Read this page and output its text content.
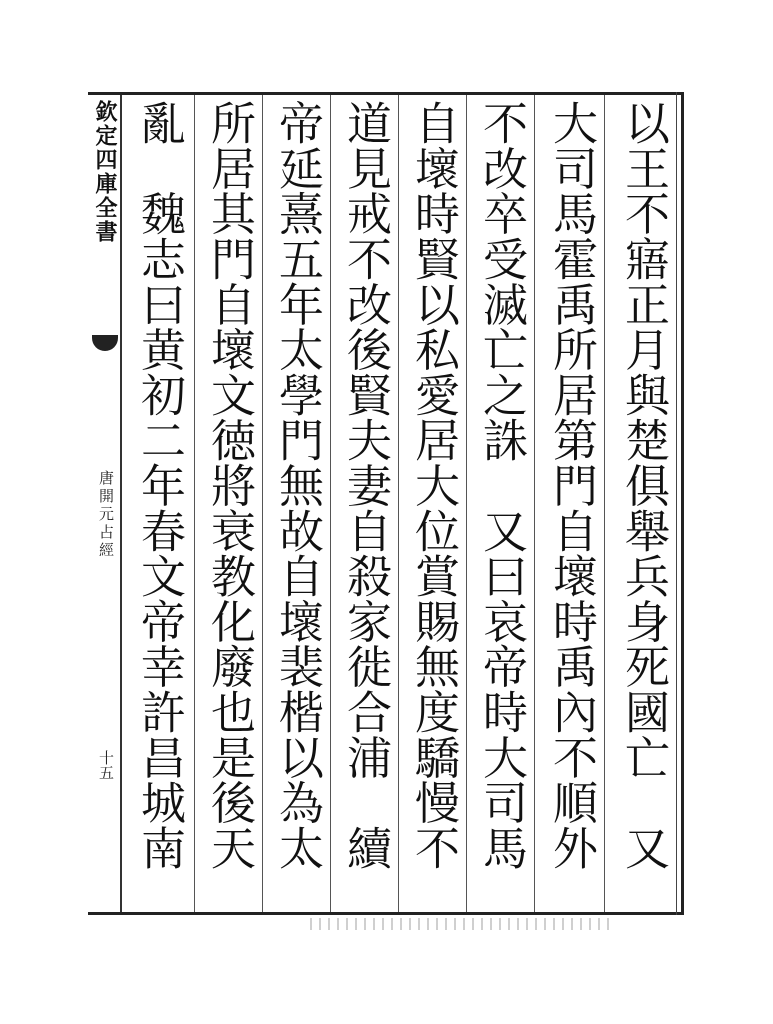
欽定四庫全書
唐開元占經
十五	以王不寤正月與楚俱舉兵身死國亡　又
大司馬霍禹所居第門自壞時禹內不順外
不改卒受滅亡之誅　又曰哀帝時大司馬
自壞時賢以私愛居大位賞賜無度驕慢不
道見戒不改後賢夫妻自殺家徙合浦　續
帝延熹五年太學門無故自壞裴楷以為太
所居其門自壞文徳將衰教化廢也是後天
亂　魏志曰黄初二年春文帝幸許昌城南
